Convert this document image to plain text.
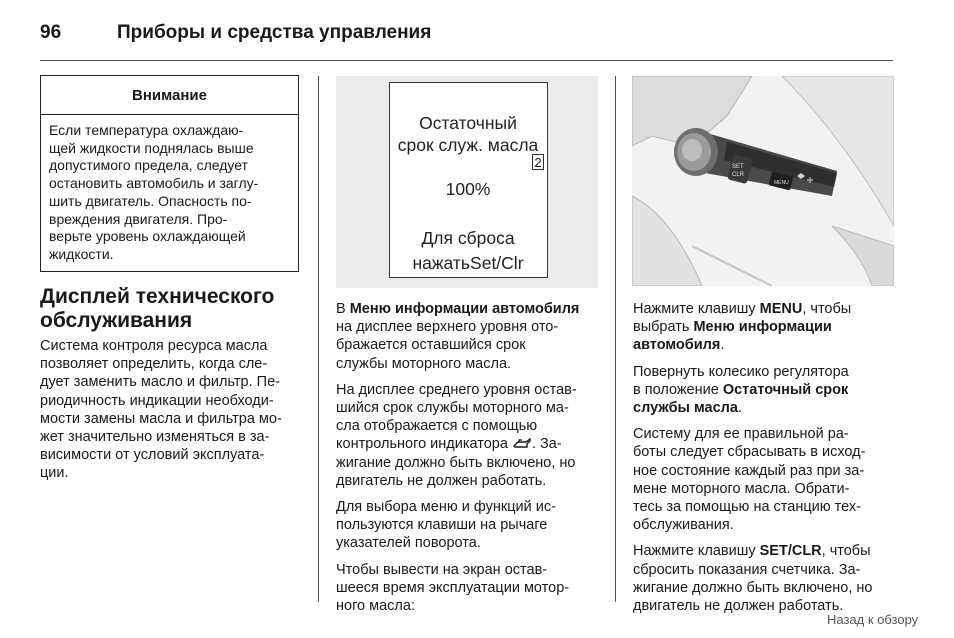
96	Приборы и средства управления
Внимание
Если температура охлаждаю-
щей жидкости поднялась выше
допустимого предела, следует
остановить автомобиль и заглу-
шить двигатель. Опасность по-
вреждения двигателя. Про-
верьте уровень охлаждающей
жидкости.
Дисплей технического
обслуживания
Система контроля ресурса масла
позволяет определить, когда сле-
дует заменить масло и фильтр. Пе-
риодичность индикации необходи-
мости замены масла и фильтра мо-
жет значительно изменяться в за-
висимости от условий эксплуата-
ции.
Остаточный
срок служ. масла
2
100%
Для сброса
нажатьSet/Clr
В Меню информации автомобиля
на дисплее верхнего уровня ото-
бражается оставшийся срок
службы моторного масла.
На дисплее среднего уровня остав-
шийся срок службы моторного ма-
сла отображается с помощью
контрольного индикатора . За-
жигание должно быть включено, но
двигатель не должен работать.
Для выбора меню и функций ис-
пользуются клавиши на рычаге
указателей поворота.
Чтобы вывести на экран остав-
шееся время эксплуатации мотор-
ного масла:
SET
CLR
MENU
Нажмите клавишу MENU, чтобы
выбрать Меню информации
автомобиля.
Повернуть колесико регулятора
в положение Остаточный срок
службы масла.
Систему для ее правильной ра-
боты следует сбрасывать в исход-
ное состояние каждый раз при за-
мене моторного масла. Обрати-
тесь за помощью на станцию тех-
обслуживания.
Нажмите клавишу SET/CLR, чтобы
сбросить показания счетчика. За-
жигание должно быть включено, но
двигатель не должен работать.
Назад к обзору
